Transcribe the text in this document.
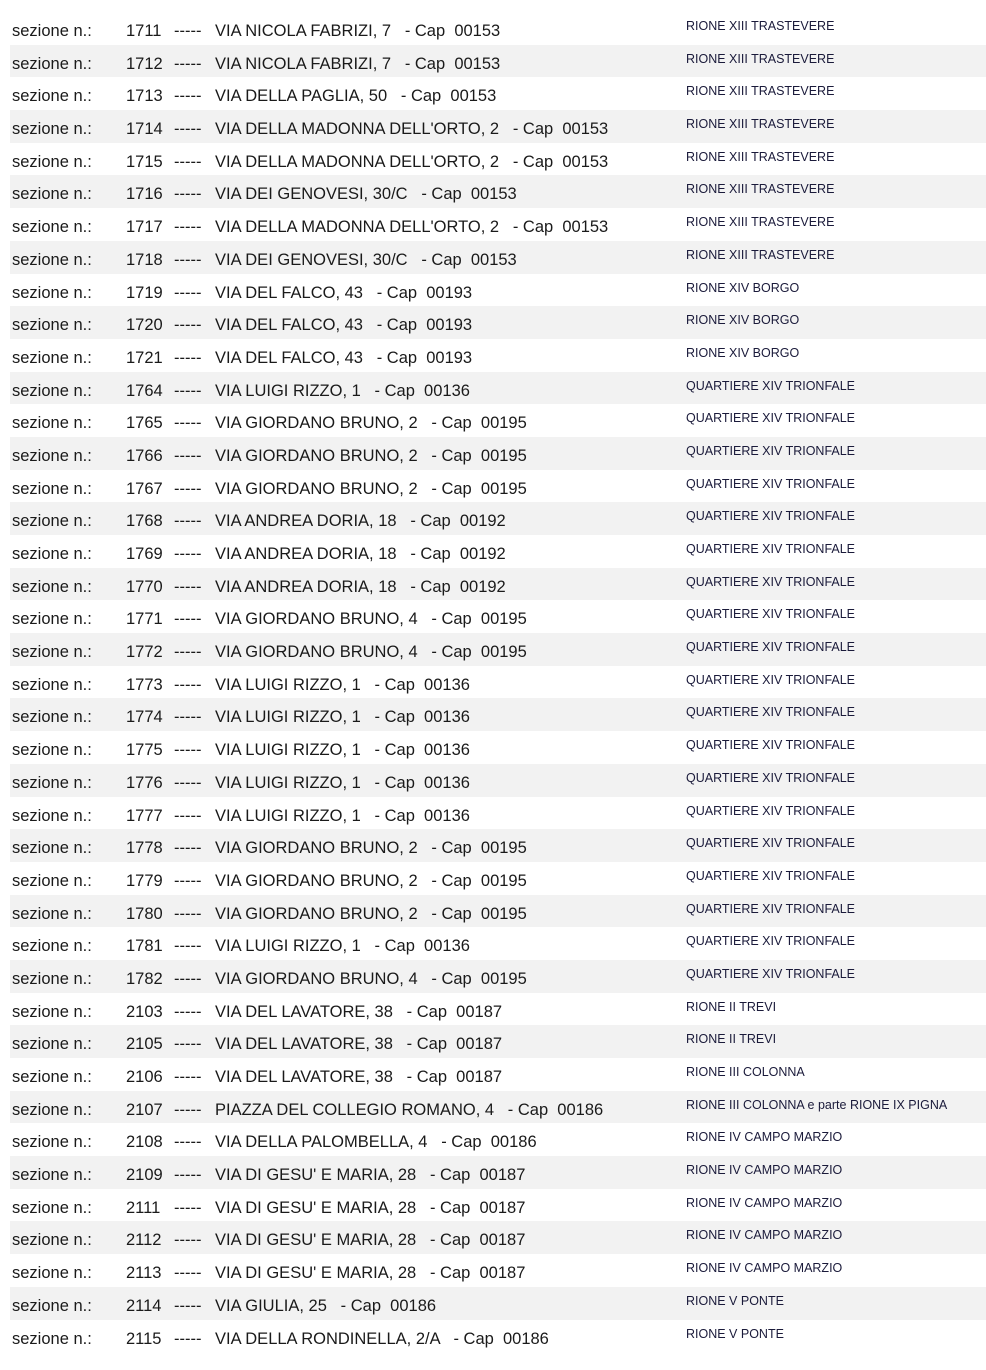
sezione n.: 1711 ----- VIA NICOLA FABRIZI, 7   - Cap  00153	RIONE XIII TRASTEVERE
sezione n.: 1712 ----- VIA NICOLA FABRIZI, 7   - Cap  00153	RIONE XIII TRASTEVERE
sezione n.: 1713 ----- VIA DELLA PAGLIA, 50   - Cap  00153	RIONE XIII TRASTEVERE
sezione n.: 1714 ----- VIA DELLA MADONNA DELL'ORTO, 2   - Cap  00153	RIONE XIII TRASTEVERE
sezione n.: 1715 ----- VIA DELLA MADONNA DELL'ORTO, 2   - Cap  00153	RIONE XIII TRASTEVERE
sezione n.: 1716 ----- VIA DEI GENOVESI, 30/C   - Cap  00153	RIONE XIII TRASTEVERE
sezione n.: 1717 ----- VIA DELLA MADONNA DELL'ORTO, 2   - Cap  00153	RIONE XIII TRASTEVERE
sezione n.: 1718 ----- VIA DEI GENOVESI, 30/C   - Cap  00153	RIONE XIII TRASTEVERE
sezione n.: 1719 ----- VIA DEL FALCO, 43   - Cap  00193	RIONE XIV BORGO
sezione n.: 1720 ----- VIA DEL FALCO, 43   - Cap  00193	RIONE XIV BORGO
sezione n.: 1721 ----- VIA DEL FALCO, 43   - Cap  00193	RIONE XIV BORGO
sezione n.: 1764 ----- VIA LUIGI RIZZO, 1   - Cap  00136	QUARTIERE XIV TRIONFALE
sezione n.: 1765 ----- VIA GIORDANO BRUNO, 2   - Cap  00195	QUARTIERE XIV TRIONFALE
sezione n.: 1766 ----- VIA GIORDANO BRUNO, 2   - Cap  00195	QUARTIERE XIV TRIONFALE
sezione n.: 1767 ----- VIA GIORDANO BRUNO, 2   - Cap  00195	QUARTIERE XIV TRIONFALE
sezione n.: 1768 ----- VIA ANDREA DORIA, 18   - Cap  00192	QUARTIERE XIV TRIONFALE
sezione n.: 1769 ----- VIA ANDREA DORIA, 18   - Cap  00192	QUARTIERE XIV TRIONFALE
sezione n.: 1770 ----- VIA ANDREA DORIA, 18   - Cap  00192	QUARTIERE XIV TRIONFALE
sezione n.: 1771 ----- VIA GIORDANO BRUNO, 4   - Cap  00195	QUARTIERE XIV TRIONFALE
sezione n.: 1772 ----- VIA GIORDANO BRUNO, 4   - Cap  00195	QUARTIERE XIV TRIONFALE
sezione n.: 1773 ----- VIA LUIGI RIZZO, 1   - Cap  00136	QUARTIERE XIV TRIONFALE
sezione n.: 1774 ----- VIA LUIGI RIZZO, 1   - Cap  00136	QUARTIERE XIV TRIONFALE
sezione n.: 1775 ----- VIA LUIGI RIZZO, 1   - Cap  00136	QUARTIERE XIV TRIONFALE
sezione n.: 1776 ----- VIA LUIGI RIZZO, 1   - Cap  00136	QUARTIERE XIV TRIONFALE
sezione n.: 1777 ----- VIA LUIGI RIZZO, 1   - Cap  00136	QUARTIERE XIV TRIONFALE
sezione n.: 1778 ----- VIA GIORDANO BRUNO, 2   - Cap  00195	QUARTIERE XIV TRIONFALE
sezione n.: 1779 ----- VIA GIORDANO BRUNO, 2   - Cap  00195	QUARTIERE XIV TRIONFALE
sezione n.: 1780 ----- VIA GIORDANO BRUNO, 2   - Cap  00195	QUARTIERE XIV TRIONFALE
sezione n.: 1781 ----- VIA LUIGI RIZZO, 1   - Cap  00136	QUARTIERE XIV TRIONFALE
sezione n.: 1782 ----- VIA GIORDANO BRUNO, 4   - Cap  00195	QUARTIERE XIV TRIONFALE
sezione n.: 2103 ----- VIA DEL LAVATORE, 38   - Cap  00187	RIONE II TREVI
sezione n.: 2105 ----- VIA DEL LAVATORE, 38   - Cap  00187	RIONE II TREVI
sezione n.: 2106 ----- VIA DEL LAVATORE, 38   - Cap  00187	RIONE III COLONNA
sezione n.: 2107 ----- PIAZZA DEL COLLEGIO ROMANO, 4   - Cap  00186	RIONE III COLONNA e parte RIONE IX PIGNA
sezione n.: 2108 ----- VIA DELLA PALOMBELLA, 4   - Cap  00186	RIONE IV CAMPO MARZIO
sezione n.: 2109 ----- VIA DI GESU' E MARIA, 28   - Cap  00187	RIONE IV CAMPO MARZIO
sezione n.: 2111 ----- VIA DI GESU' E MARIA, 28   - Cap  00187	RIONE IV CAMPO MARZIO
sezione n.: 2112 ----- VIA DI GESU' E MARIA, 28   - Cap  00187	RIONE IV CAMPO MARZIO
sezione n.: 2113 ----- VIA DI GESU' E MARIA, 28   - Cap  00187	RIONE IV CAMPO MARZIO
sezione n.: 2114 ----- VIA GIULIA, 25   - Cap  00186	RIONE V PONTE
sezione n.: 2115 ----- VIA DELLA RONDINELLA, 2/A   - Cap  00186	RIONE V PONTE
